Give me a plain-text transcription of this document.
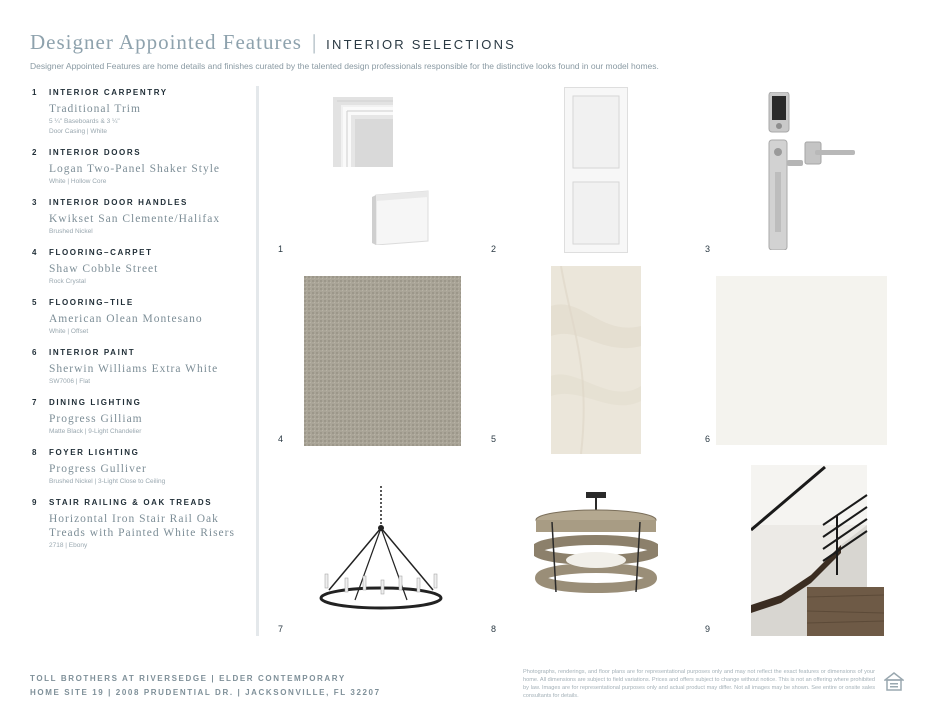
Designer Appointed Features | INTERIOR SELECTIONS
Designer Appointed Features are home details and finishes curated by the talented design professionals responsible for the distinctive looks found in our model homes.
1 INTERIOR CARPENTRY
Traditional Trim
5 ¼" Baseboards & 3 ¼"
Door Casing | White
2 INTERIOR DOORS
Logan Two-Panel Shaker Style
White | Hollow Core
3 INTERIOR DOOR HANDLES
Kwikset San Clemente/Halifax
Brushed Nickel
4 FLOORING–CARPET
Shaw Cobble Street
Rock Crystal
5 FLOORING–TILE
American Olean Montesano
White | Offset
6 INTERIOR PAINT
Sherwin Williams Extra White
SW7006 | Flat
7 DINING LIGHTING
Progress Gilliam
Matte Black | 9-Light Chandelier
8 FOYER LIGHTING
Progress Gulliver
Brushed Nickel | 3-Light Close to Ceiling
9 STAIR RAILING & OAK TREADS
Horizontal Iron Stair Rail Oak Treads with Painted White Risers
2718 | Ebony
1	2	3
4	5	6
7	8	9
TOLL BROTHERS AT RIVERSEDGE | ELDER CONTEMPORARY
HOME SITE 19 | 2008 PRUDENTIAL DR. | JACKSONVILLE, FL 32207
Photographs, renderings, and floor plans are for representational purposes only and may not reflect the exact features or dimensions of your home. All dimensions are subject to field variations. Prices and offers subject to change without notice. This is not an offering where prohibited by law. Images are for representational purposes only and actual product may differ. Not all images may be shown. See entire or onsite sales consultants for details.
